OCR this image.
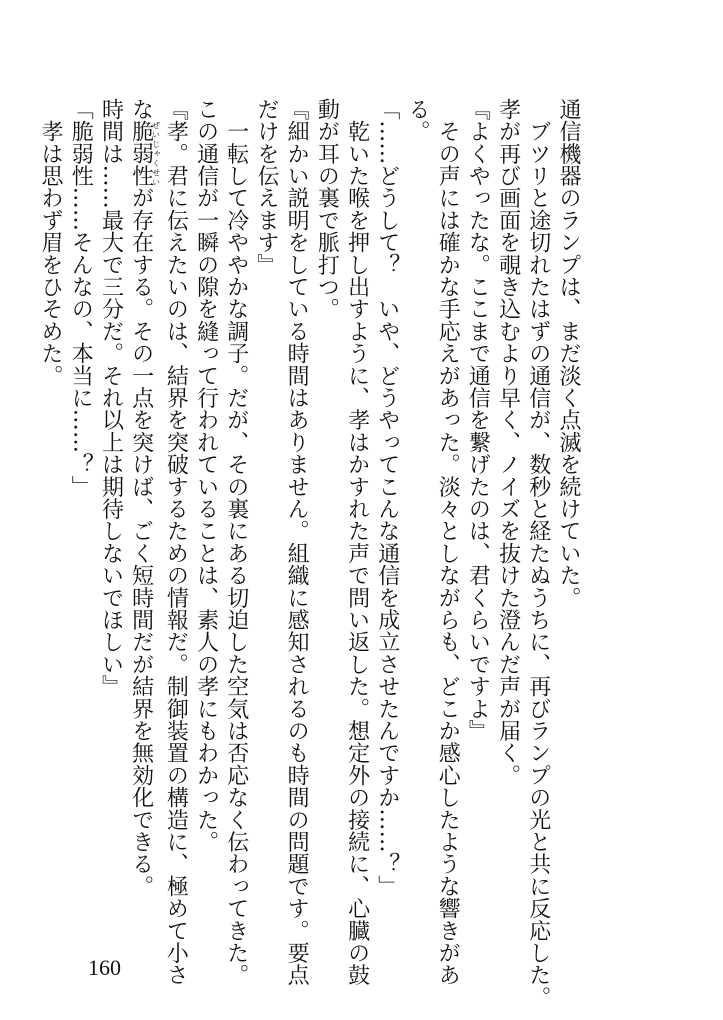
通信機器のランプは、まだ淡く点滅を続けていた。
　ブツリと途切れたはずの通信が、数秒と経たぬうちに、再びランプの光と共に反応した。
孝が再び画面を覗き込むより早く、ノイズを抜けた澄んだ声が届く。
『よくやったな。ここまで通信を繋げたのは、君くらいですよ』
　その声には確かな手応えがあった。淡々としながらも、どこか感心したような響きがあ
る。
「……どうして？　いや、どうやってこんな通信を成立させたんですか……？」
　乾いた喉を押し出すように、孝はかすれた声で問い返した。想定外の接続に、心臓の鼓
動が耳の裏で脈打つ。
『細かい説明をしている時間はありません。組織に感知されるのも時間の問題です。要点
だけを伝えます』
　一転して冷ややかな調子。だが、その裏にある切迫した空気は否応なく伝わってきた。
この通信が一瞬の隙を縫って行われていることは、素人の孝にもわかった。
『孝。君に伝えたいのは、結界を突破するための情報だ。制御装置の構造に、極めて小さ
な脆弱性ぜいじゃくせいが存在する。その一点を突けば、ごく短時間だが結界を無効化できる。
時間は……最大で三分だ。それ以上は期待しないでほしい』
「脆弱性……そんなの、本当に……？」
　孝は思わず眉をひそめた。
160
